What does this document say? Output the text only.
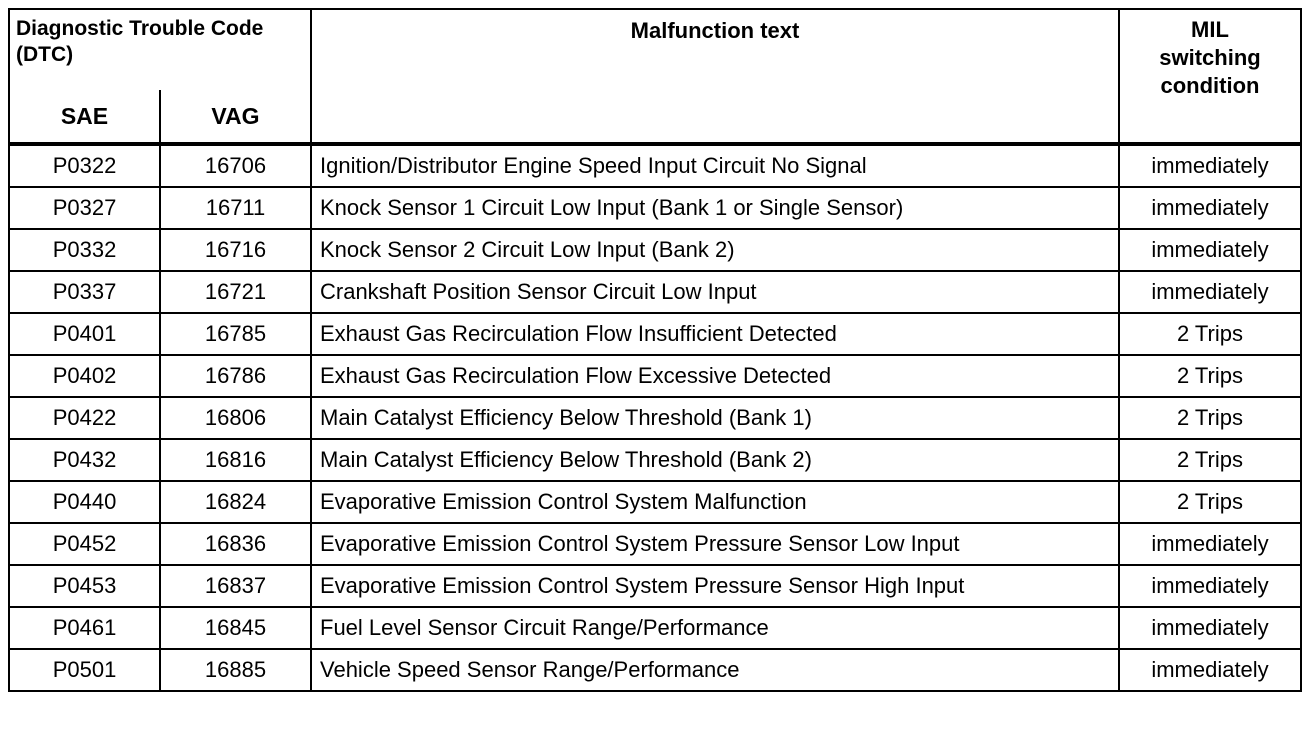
Diagnostic Trouble Code (DTC)		Malfunction text	MIL
switching
condition

SAE	VAG		
P0322	16706	Ignition/Distributor Engine Speed Input Circuit No Signal	immediately
P0327	16711	Knock Sensor 1 Circuit Low Input (Bank 1 or Single Sensor)	immediately
P0332	16716	Knock Sensor 2 Circuit Low Input (Bank 2)	immediately
P0337	16721	Crankshaft Position Sensor Circuit Low Input	immediately
P0401	16785	Exhaust Gas Recirculation Flow Insufficient Detected	2 Trips
P0402	16786	Exhaust Gas Recirculation Flow Excessive Detected	2 Trips
P0422	16806	Main Catalyst Efficiency Below Threshold (Bank 1)	2 Trips
P0432	16816	Main Catalyst Efficiency Below Threshold (Bank 2)	2 Trips
P0440	16824	Evaporative Emission Control System Malfunction	2 Trips
P0452	16836	Evaporative Emission Control System Pressure Sensor Low Input	immediately
P0453	16837	Evaporative Emission Control System Pressure Sensor High Input	immediately
P0461	16845	Fuel Level Sensor Circuit Range/Performance	immediately
P0501	16885	Vehicle Speed Sensor Range/Performance	immediately
